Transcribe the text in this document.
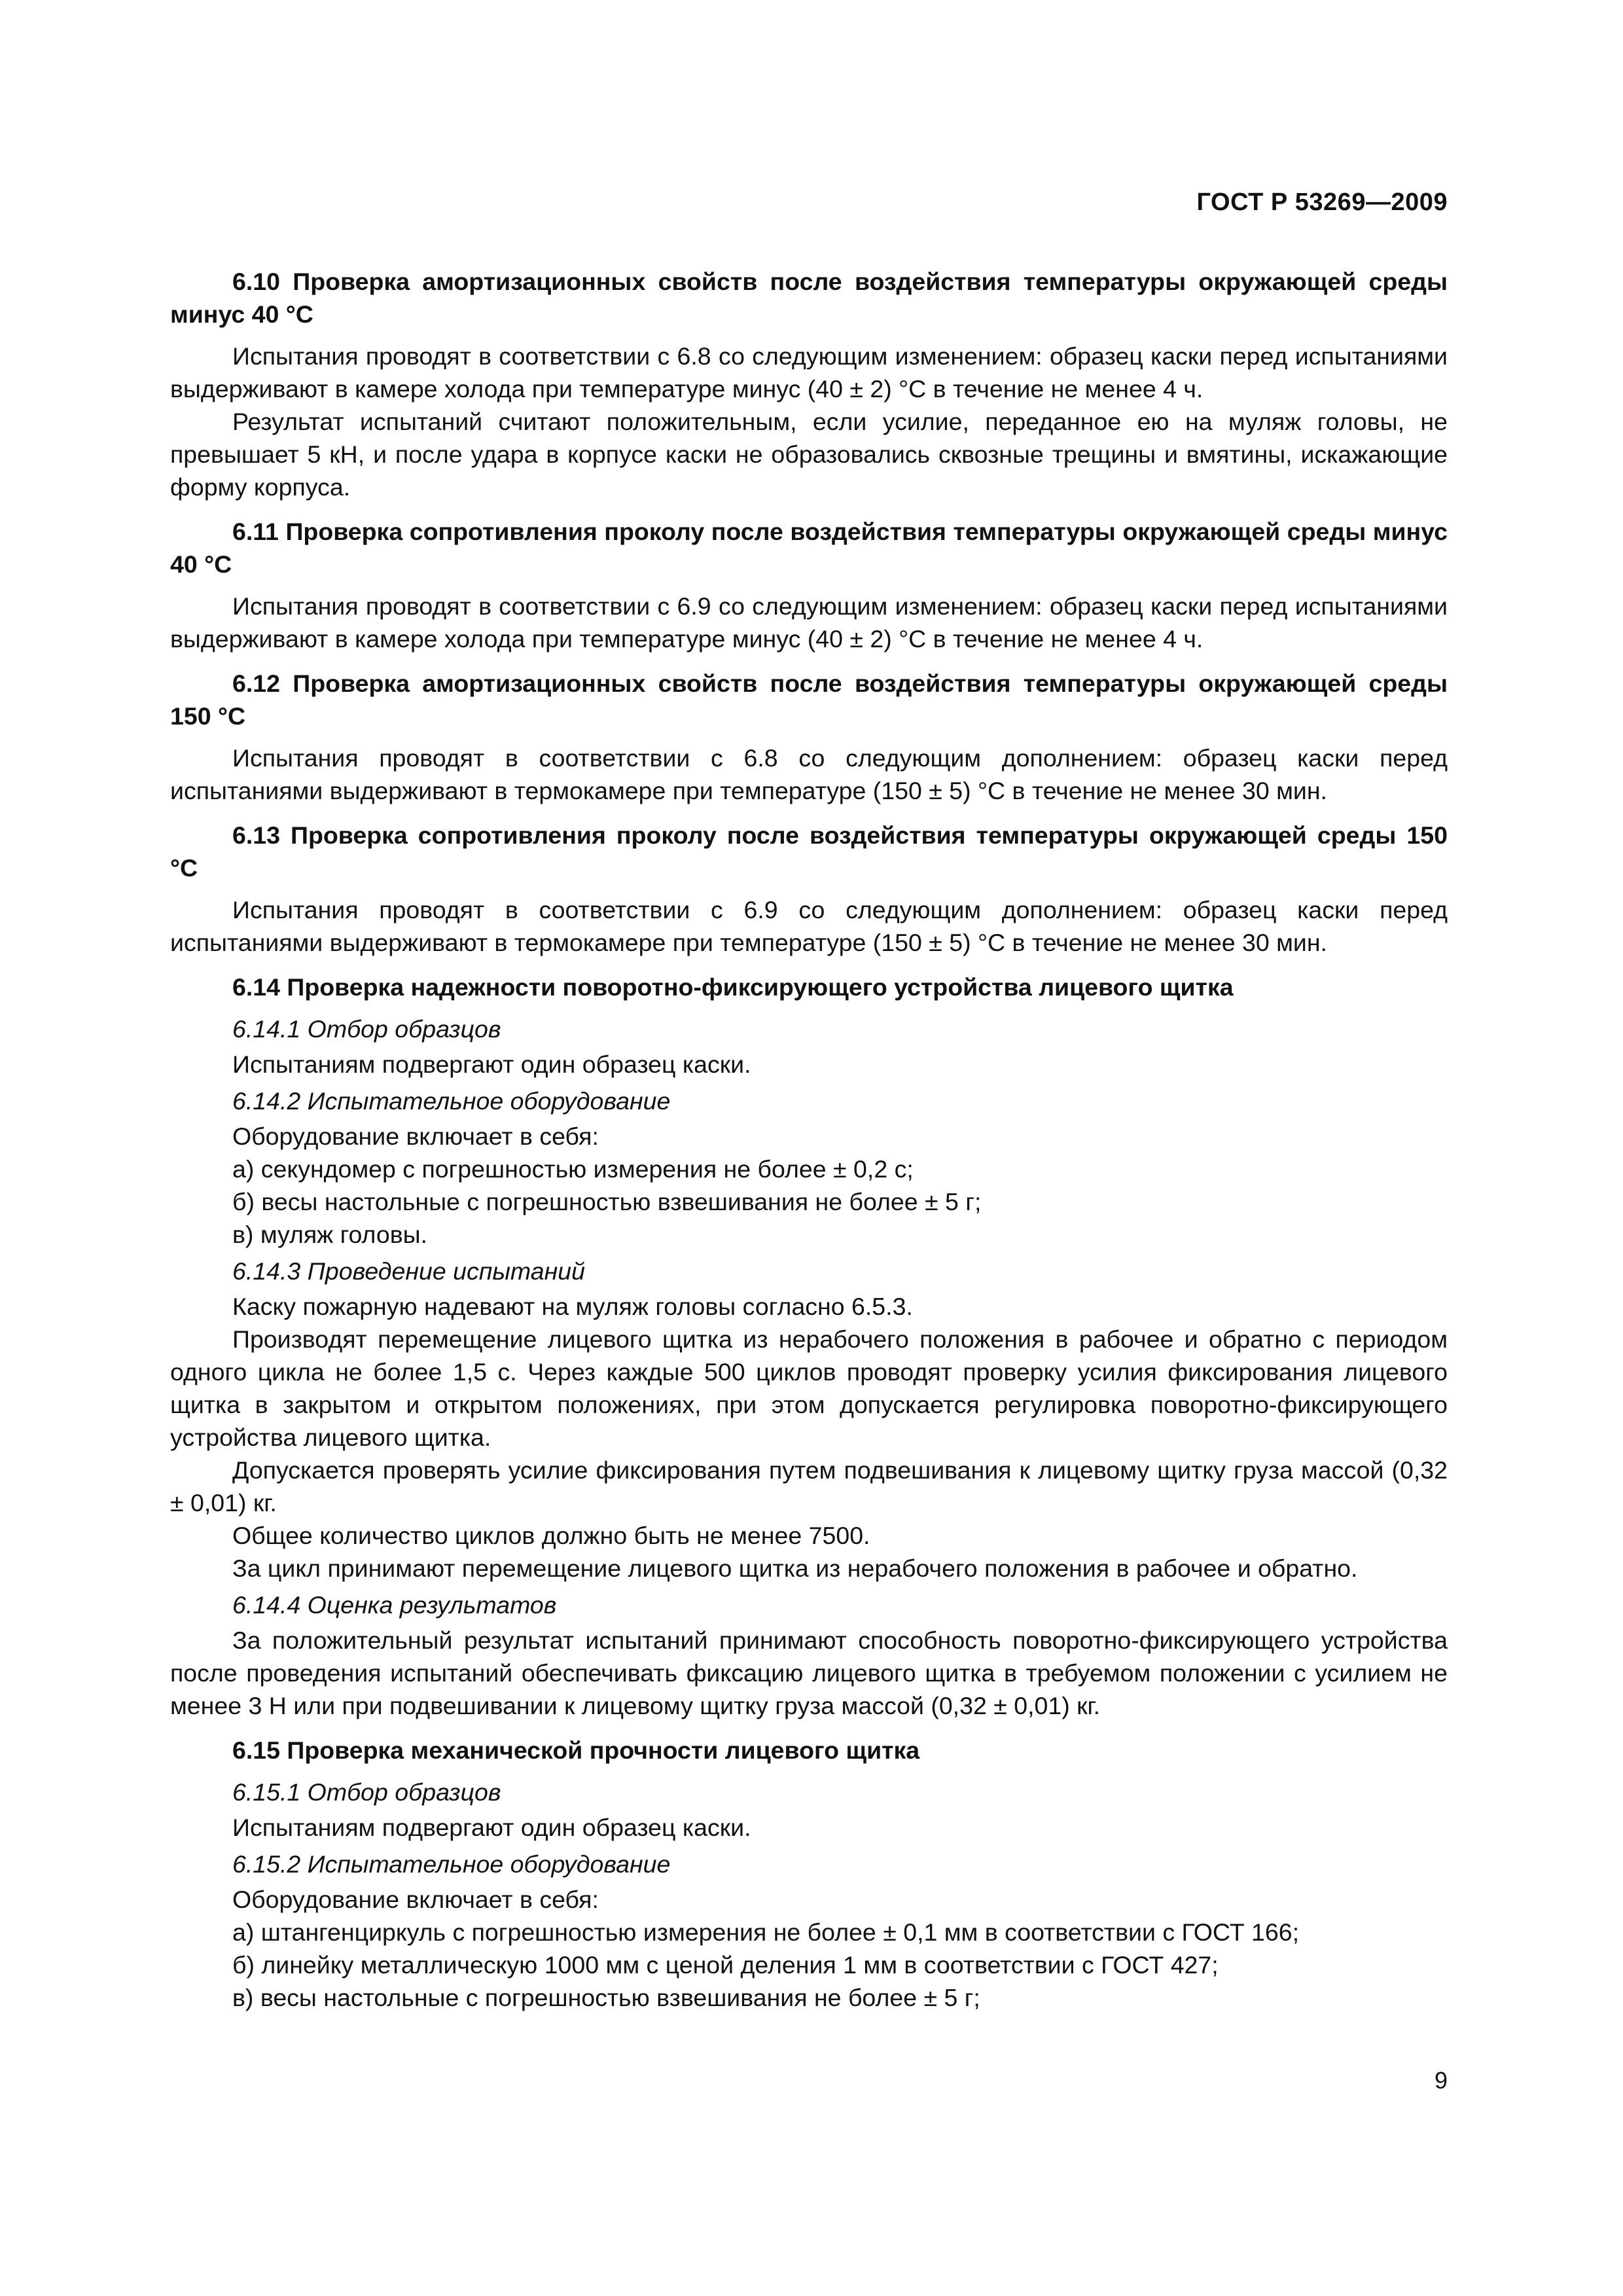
ГОСТ Р 53269—2009
6.10 Проверка амортизационных свойств после воздействия температуры окружающей среды минус 40 °С

Испытания проводят в соответствии с 6.8 со следующим изменением: образец каски перед испытаниями выдерживают в камере холода при температуре минус (40 ± 2) °С в течение не менее 4 ч.

Результат испытаний считают положительным, если усилие, переданное ею на муляж головы, не превышает 5 кН, и после удара в корпусе каски не образовались сквозные трещины и вмятины, искажающие форму корпуса.

6.11 Проверка сопротивления проколу после воздействия температуры окружающей среды минус 40 °С

Испытания проводят в соответствии с 6.9 со следующим изменением: образец каски перед испытаниями выдерживают в камере холода при температуре минус (40 ± 2) °С в течение не менее 4 ч.

6.12 Проверка амортизационных свойств после воздействия температуры окружающей среды 150 °С

Испытания проводят в соответствии с 6.8 со следующим дополнением: образец каски перед испытаниями выдерживают в термокамере при температуре (150 ± 5) °С в течение не менее 30 мин.

6.13 Проверка сопротивления проколу после воздействия температуры окружающей среды 150 °С

Испытания проводят в соответствии с 6.9 со следующим дополнением: образец каски перед испытаниями выдерживают в термокамере при температуре (150 ± 5) °С в течение не менее 30 мин.

6.14 Проверка надежности поворотно-фиксирующего устройства лицевого щитка
6.14.1 Отбор образцов

Испытаниям подвергают один образец каски.

6.14.2 Испытательное оборудование

Оборудование включает в себя:

а) секундомер с погрешностью измерения не более ± 0,2 с;

б) весы настольные с погрешностью взвешивания не более ± 5 г;

в) муляж головы.

6.14.3 Проведение испытаний

Каску пожарную надевают на муляж головы согласно 6.5.3.

Производят перемещение лицевого щитка из нерабочего положения в рабочее и обратно с периодом одного цикла не более 1,5 с. Через каждые 500 циклов проводят проверку усилия фиксирования лицевого щитка в закрытом и открытом положениях, при этом допускается регулировка поворотно-фиксирующего устройства лицевого щитка.

Допускается проверять усилие фиксирования путем подвешивания к лицевому щитку груза массой (0,32 ± 0,01) кг.

Общее количество циклов должно быть не менее 7500.

За цикл принимают перемещение лицевого щитка из нерабочего положения в рабочее и обратно.

6.14.4 Оценка результатов

За положительный результат испытаний принимают способность поворотно-фиксирующего устройства после проведения испытаний обеспечивать фиксацию лицевого щитка в требуемом положении с усилием не менее 3 Н или при подвешивании к лицевому щитку груза массой (0,32 ± 0,01) кг.

6.15 Проверка механической прочности лицевого щитка
6.15.1 Отбор образцов

Испытаниям подвергают один образец каски.

6.15.2 Испытательное оборудование

Оборудование включает в себя:

а) штангенциркуль с погрешностью измерения не более ± 0,1 мм в соответствии с ГОСТ 166;

б) линейку металлическую 1000 мм с ценой деления 1 мм в соответствии с ГОСТ 427;

в) весы настольные с погрешностью взвешивания не более ± 5 г;

9
